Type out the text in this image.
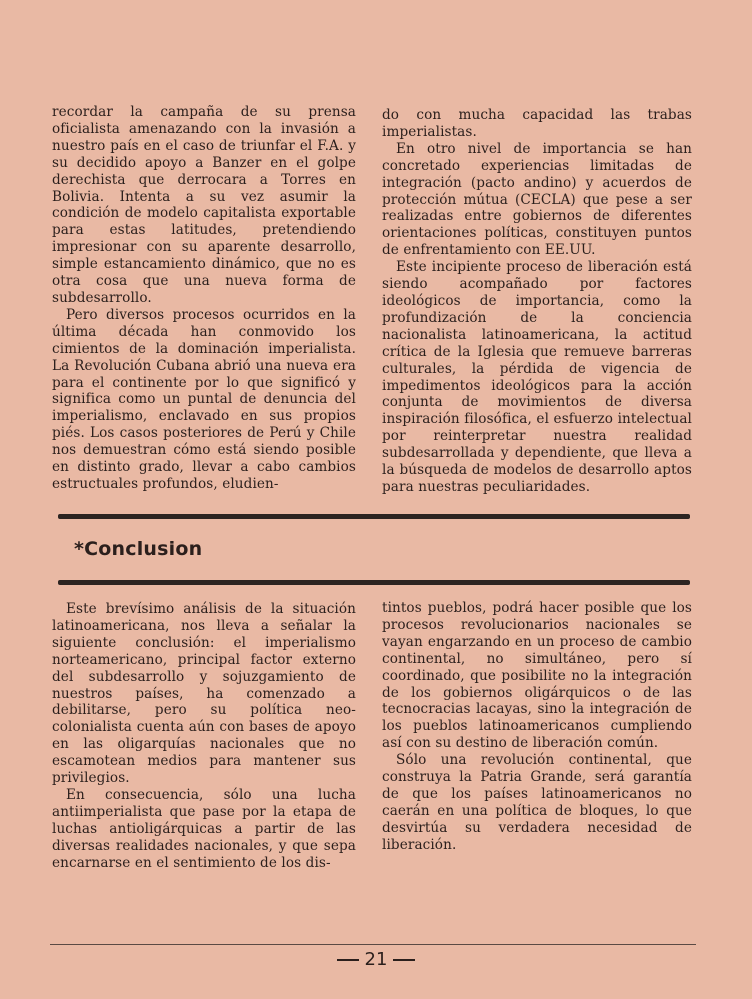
recordar la campaña de su prensa oficialista amenazando con la invasión a nuestro país en el caso de triunfar el F.A. y su decidido apoyo a Banzer en el golpe derechista que derrocara a Torres en Bolivia. Intenta a su vez asumir la condición de modelo capitalista exportable para estas latitudes, pretendiendo impresionar con su aparente desarrollo, simple estancamiento dinámico, que no es otra cosa que una nueva forma de subdesarrollo.

Pero diversos procesos ocurridos en la última década han conmovido los cimientos de la dominación imperialista. La Revolución Cubana abrió una nueva era para el continente por lo que significó y significa como un puntal de denuncia del imperialismo, enclavado en sus propios piés. Los casos posteriores de Perú y Chile nos demuestran cómo está siendo posible en distinto grado, llevar a cabo cambios estructuales profundos, eludien-

do con mucha capacidad las trabas imperialistas.

En otro nivel de importancia se han concretado experiencias limitadas de integración (pacto andino) y acuerdos de protección mútua (CECLA) que pese a ser realizadas entre gobiernos de diferentes orientaciones políticas, constituyen puntos de enfrentamiento con EE.UU.

Este incipiente proceso de liberación está siendo acompañado por factores ideológicos de importancia, como la profundización de la conciencia nacionalista latinoamericana, la actitud crítica de la Iglesia que remueve barreras culturales, la pérdida de vigencia de impedimentos ideológicos para la acción conjunta de movimientos de diversa inspiración filosófica, el esfuerzo intelectual por reinterpretar nuestra realidad subdesarrollada y dependiente, que lleva a la búsqueda de modelos de desarrollo aptos para nuestras peculiaridades.

*Conclusion

Este brevísimo análisis de la situación latinoamericana, nos lleva a señalar la siguiente conclusión: el imperialismo norteamericano, principal factor externo del subdesarrollo y sojuzgamiento de nuestros países, ha comenzado a debilitarse, pero su política neo-colonialista cuenta aún con bases de apoyo en las oligarquías nacionales que no escamotean medios para mantener sus privilegios.

En consecuencia, sólo una lucha antiimperialista que pase por la etapa de luchas antioligárquicas a partir de las diversas realidades nacionales, y que sepa encarnarse en el sentimiento de los dis-

tintos pueblos, podrá hacer posible que los procesos revolucionarios nacionales se vayan engarzando en un proceso de cambio continental, no simultáneo, pero sí coordinado, que posibilite no la integración de los gobiernos oligárquicos o de las tecnocracias lacayas, sino la integración de los pueblos latinoamericanos cumpliendo así con su destino de liberación común.

Sólo una revolución continental, que construya la Patria Grande, será garantía de que los países latinoamericanos no caerán en una política de bloques, lo que desvirtúa su verdadera necesidad de liberación.

21
